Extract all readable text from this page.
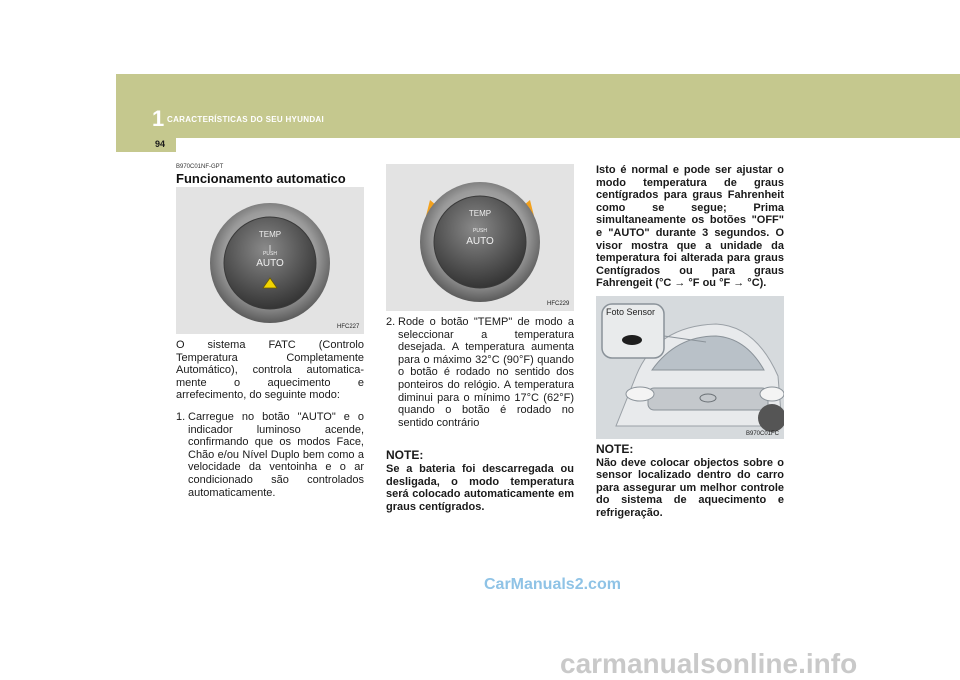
1 CARACTERÍSTICAS DO SEU HYUNDAI
94
B970C01NF-GPT
Funcionamento automatico
TEMP
PUSH
AUTO
HFC227

O sistema FATC (Controlo Temperatura Completamente Automático), controla automatica-mente o aquecimento e arrefecimento, do seguinte modo:

1. Carregue no botão "AUTO" e o indicador luminoso acende, confirmando que os modos Face, Chão e/ou Nível Duplo bem como a velocidade da ventoinha e o ar condicionado são controlados automaticamente.
TEMP
PUSH
AUTO
HFC229
2. Rode o botão "TEMP" de modo a seleccionar a temperatura desejada. A temperatura aumenta para o máximo 32°C (90°F) quando o botão é rodado no sentido dos ponteiros do relógio. A temperatura diminui para o mínimo 17°C (62°F) quando o botão é rodado no sentido contrário
NOTE:
Se a bateria foi descarregada ou desligada, o modo temperatura será colocado automaticamente em graus centígrados.
Isto é normal e pode ser ajustar o modo temperatura de graus centígrados para graus Fahrenheit como se segue; Prima simultaneamente os botões "OFF" e "AUTO" durante 3 segundos. O visor mostra que a unidade da temperatura foi alterada para graus Centígrados ou para graus Fahrengeit (°C → °F ou °F → °C).
Foto Sensor
B970C01FC
NOTE:
Não deve colocar objectos sobre o sensor localizado dentro do carro para assegurar um melhor controle do sistema de aquecimento e refrigeração.
CarManuals2.com
carmanualsonline.info
